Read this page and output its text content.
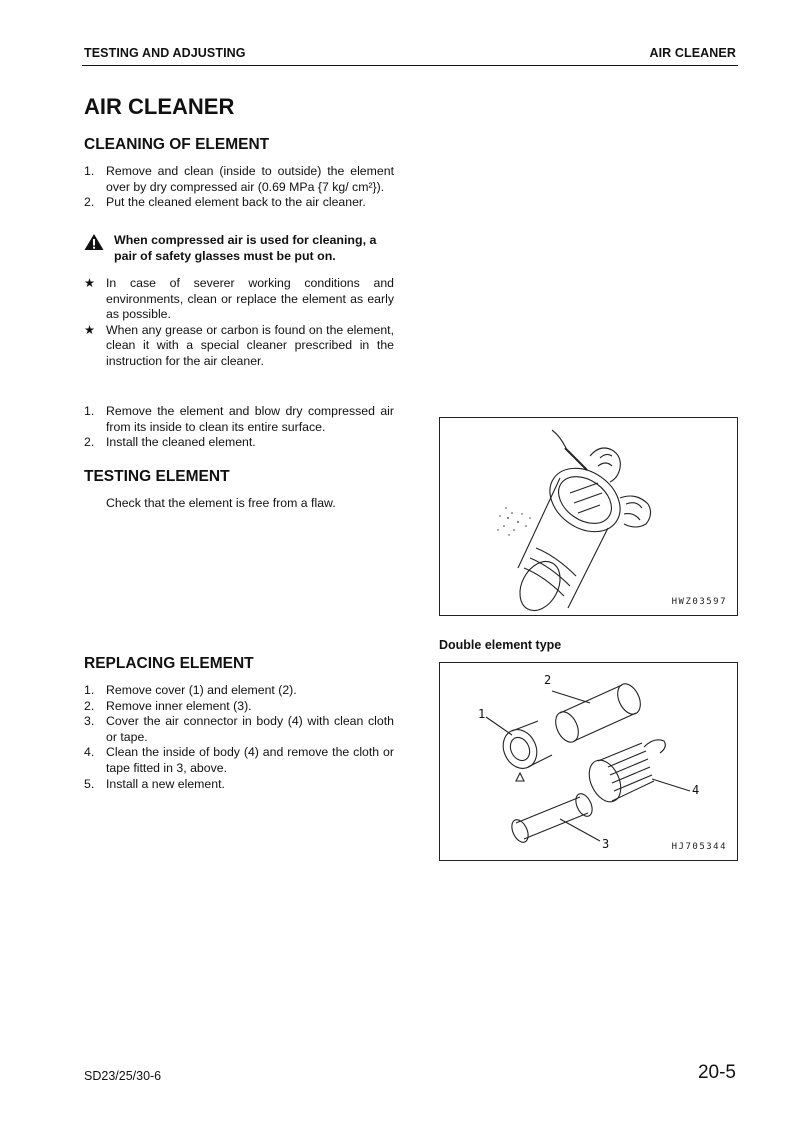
TESTING AND ADJUSTING	AIR CLEANER
AIR CLEANER
CLEANING OF ELEMENT
1. Remove and clean (inside to outside) the element over by dry compressed air (0.69 MPa {7 kg/ cm²}).
2. Put the cleaned element back to the air cleaner.
When compressed air is used for cleaning, a pair of safety glasses must be put on.
★ In case of severer working conditions and environments, clean or replace the element as early as possible.
★ When any grease or carbon is found on the element, clean it with a special cleaner prescribed in the instruction for the air cleaner.
1. Remove the element and blow dry compressed air from its inside to clean its entire surface.
2. Install the cleaned element.
TESTING ELEMENT
Check that the element is free from a flaw.
REPLACING ELEMENT
1. Remove cover (1) and element (2).
2. Remove inner element (3).
3. Cover the air connector in body (4) with clean cloth or tape.
4. Clean the inside of body (4) and remove the cloth or tape fitted in 3, above.
5. Install a new element.
HWZ03597
Double element type
2
1
3
4
HJ705344
SD23/25/30-6	20-5
